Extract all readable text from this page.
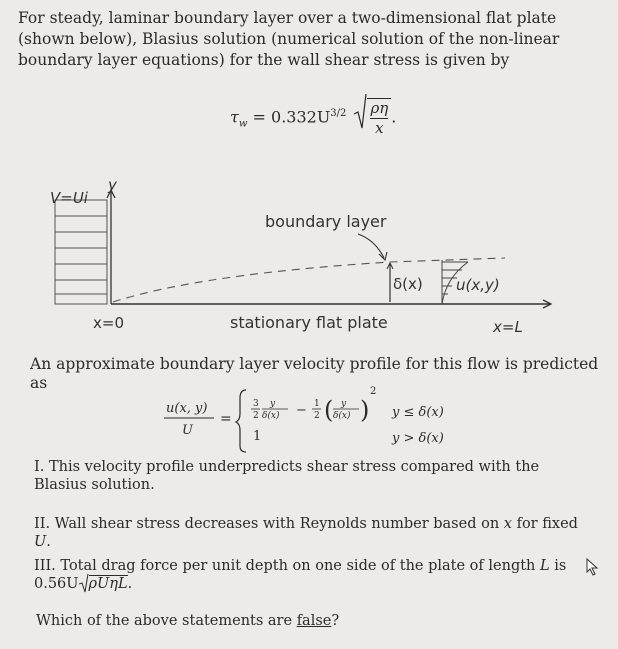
For steady, laminar boundary layer over a two-dimensional flat plate (shown below), Blasius solution (numerical solution of the non-linear boundary layer equations) for the wall shear stress is given by
$\tau_w = 0.332U^{3/2} \frac{\rho\eta}{x}$ .
y
V=Ui
boundary layer
δ(x) u(x,y)
x=0	stationary flat plate	x=L
An approximate boundary layer velocity profile for this flow is predicted as
u(x, y)
U
=
3
2
y
δ(x) − 1
2 ( y
δ(x) )
2
y ≤ δ(x)
1	y > δ(x)
I. This velocity profile underpredicts shear stress compared with the Blasius solution.
II. Wall shear stress decreases with Reynolds number based on x for fixed U.
III. Total drag force per unit depth on one side of the plate of length L is
0.56U ρUηL.
Which of the above statements are false?
